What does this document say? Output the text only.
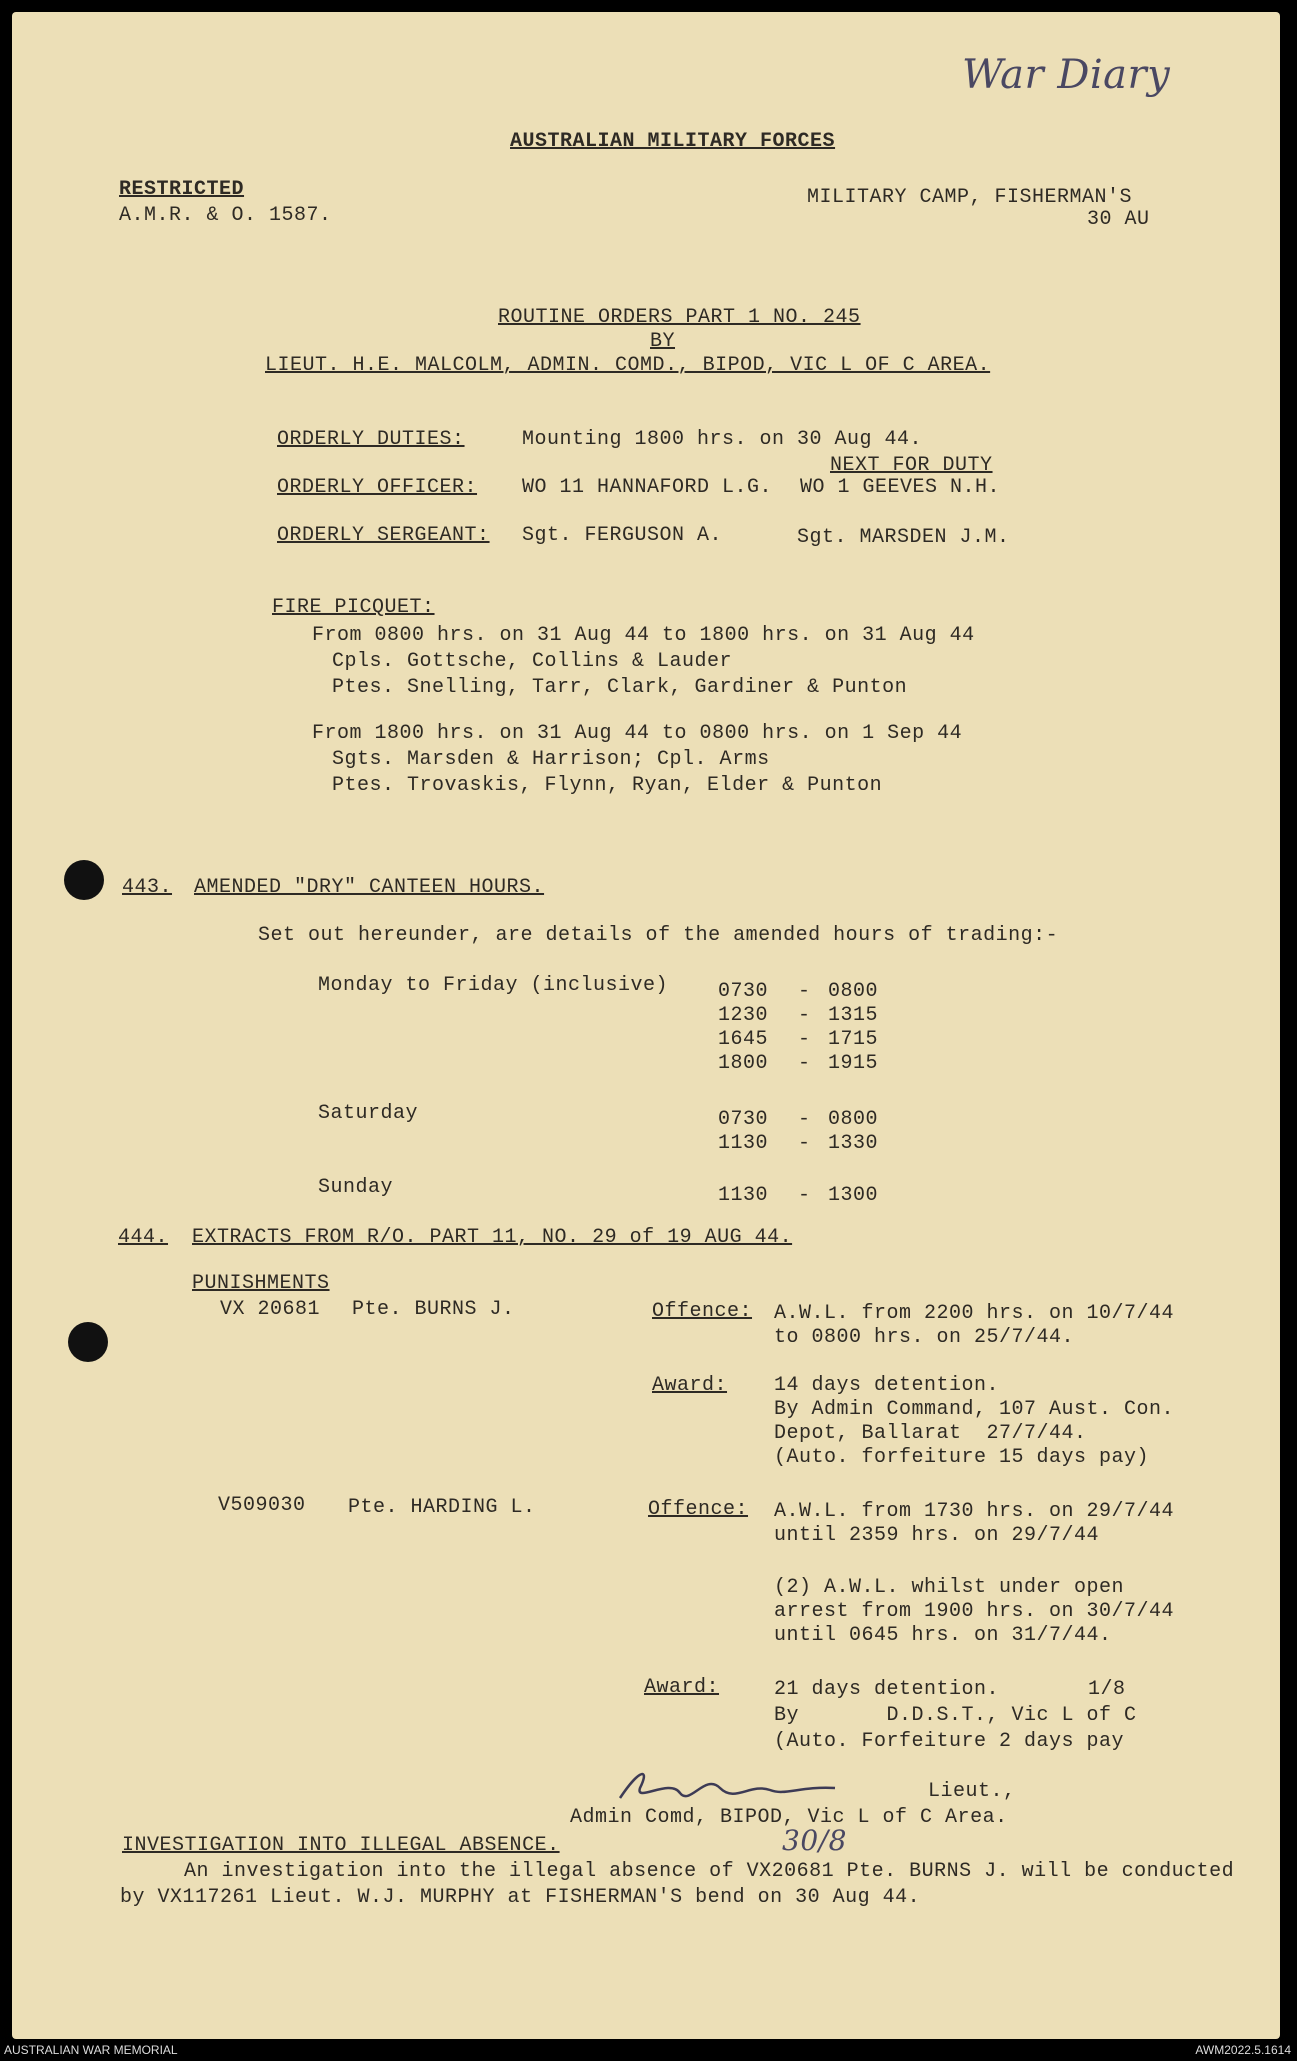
War Diary
AUSTRALIAN MILITARY FORCES
RESTRICTED
A.M.R. & O. 1587.
MILITARY CAMP, FISHERMAN'S
30 AU
ROUTINE ORDERS PART 1 NO. 245
BY
LIEUT. H.E. MALCOLM, ADMIN. COMD., BIPOD, VIC L OF C AREA.
ORDERLY DUTIES:	Mounting 1800 hrs. on 30 Aug 44.
NEXT FOR DUTY
ORDERLY OFFICER: WO 11 HANNAFORD L.G. WO 1 GEEVES N.H.
ORDERLY SERGEANT: Sgt. FERGUSON A.	Sgt. MARSDEN J.M.
FIRE PICQUET:
From 0800 hrs. on 31 Aug 44 to 1800 hrs. on 31 Aug 44
Cpls. Gottsche, Collins & Lauder
Ptes. Snelling, Tarr, Clark, Gardiner & Punton
From 1800 hrs. on 31 Aug 44 to 0800 hrs. on 1 Sep 44
Sgts. Marsden & Harrison; Cpl. Arms
Ptes. Trovaskis, Flynn, Ryan, Elder & Punton
443. AMENDED "DRY" CANTEEN HOURS.
Set out hereunder, are details of the amended hours of trading:-
Monday to Friday (inclusive) 0730 - 0800
1230 - 1315
1645 - 1715
1800 - 1915
Saturday	0730 - 0800
1130 - 1330
Sunday	1130 - 1300
444. EXTRACTS FROM R/O. PART 11, NO. 29 of 19 AUG 44.
PUNISHMENTS
VX 20681 Pte. BURNS J.	Offence: A.W.L. from 2200 hrs. on 10/7/44
to 0800 hrs. on 25/7/44.
Award: 14 days detention.
By Admin Command, 107 Aust. Con.
Depot, Ballarat  27/7/44.
(Auto. forfeiture 15 days pay)
V509030 Pte. HARDING L.	Offence: A.W.L. from 1730 hrs. on 29/7/44
until 2359 hrs. on 29/7/44
(2) A.W.L. whilst under open
arrest from 1900 hrs. on 30/7/44
until 0645 hrs. on 31/7/44.
Award:	21 days detention.	1/8
By       D.D.S.T., Vic L of C
(Auto. Forfeiture 2 days pay
Lieut.,
Admin Comd, BIPOD, Vic L of C Area.
30/8
INVESTIGATION INTO ILLEGAL ABSENCE.
An investigation into the illegal absence of VX20681 Pte. BURNS J. will be conducted
by VX117261 Lieut. W.J. MURPHY at FISHERMAN'S bend on 30 Aug 44.
AUSTRALIAN WAR MEMORIAL	AWM2022.5.1614
